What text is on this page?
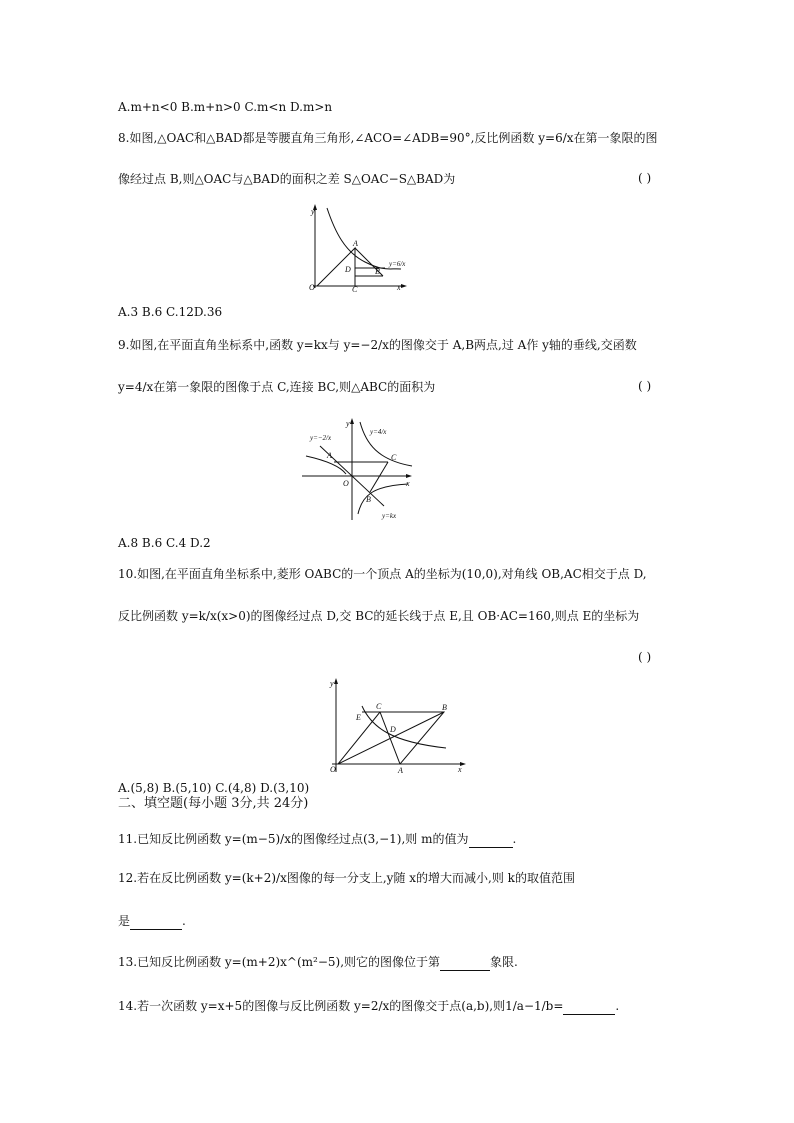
A.m+n<0 B.m+n>0 C.m<n D.m>n
8.如图,△OAC和△BAD都是等腰直角三角形,∠ACO=∠ADB=90°,反比例函数 y=6/x在第一象限的图
像经过点 B,则△OAC与△BAD的面积之差 S△OAC−S△BAD为	( )
y
O
A
D	B
C	x
y=6/x
A.3 B.6 C.12D.36
9.如图,在平面直角坐标系中,函数 y=kx与 y=−2/x的图像交于 A,B两点,过 A作 y轴的垂线,交函数
y=4/x在第一象限的图像于点 C,连接 BC,则△ABC的面积为	( )
y=−2/x
y=4/x
y
A	C
O	x
B
y=kx
A.8 B.6 C.4 D.2
10.如图,在平面直角坐标系中,菱形 OABC的一个顶点 A的坐标为(10,0),对角线 OB,AC相交于点 D,
反比例函数 y=k/x(x>0)的图像经过点 D,交 BC的延长线于点 E,且 OB·AC=160,则点 E的坐标为
( )
y
C	B
E
D
O	A	x
A.(5,8) B.(5,10) C.(4,8) D.(3,10)
二、填空题(每小题 3分,共 24分)
11.已知反比例函数 y=(m−5)/x的图像经过点(3,−1),则 m的值为	.
12.若在反比例函数 y=(k+2)/x图像的每一分支上,y随 x的增大而减小,则 k的取值范围
是	.
13.已知反比例函数 y=(m+2)x^(m²−5),则它的图像位于第	象限.
14.若一次函数 y=x+5的图像与反比例函数 y=2/x的图像交于点(a,b),则1/a−1/b=	.
